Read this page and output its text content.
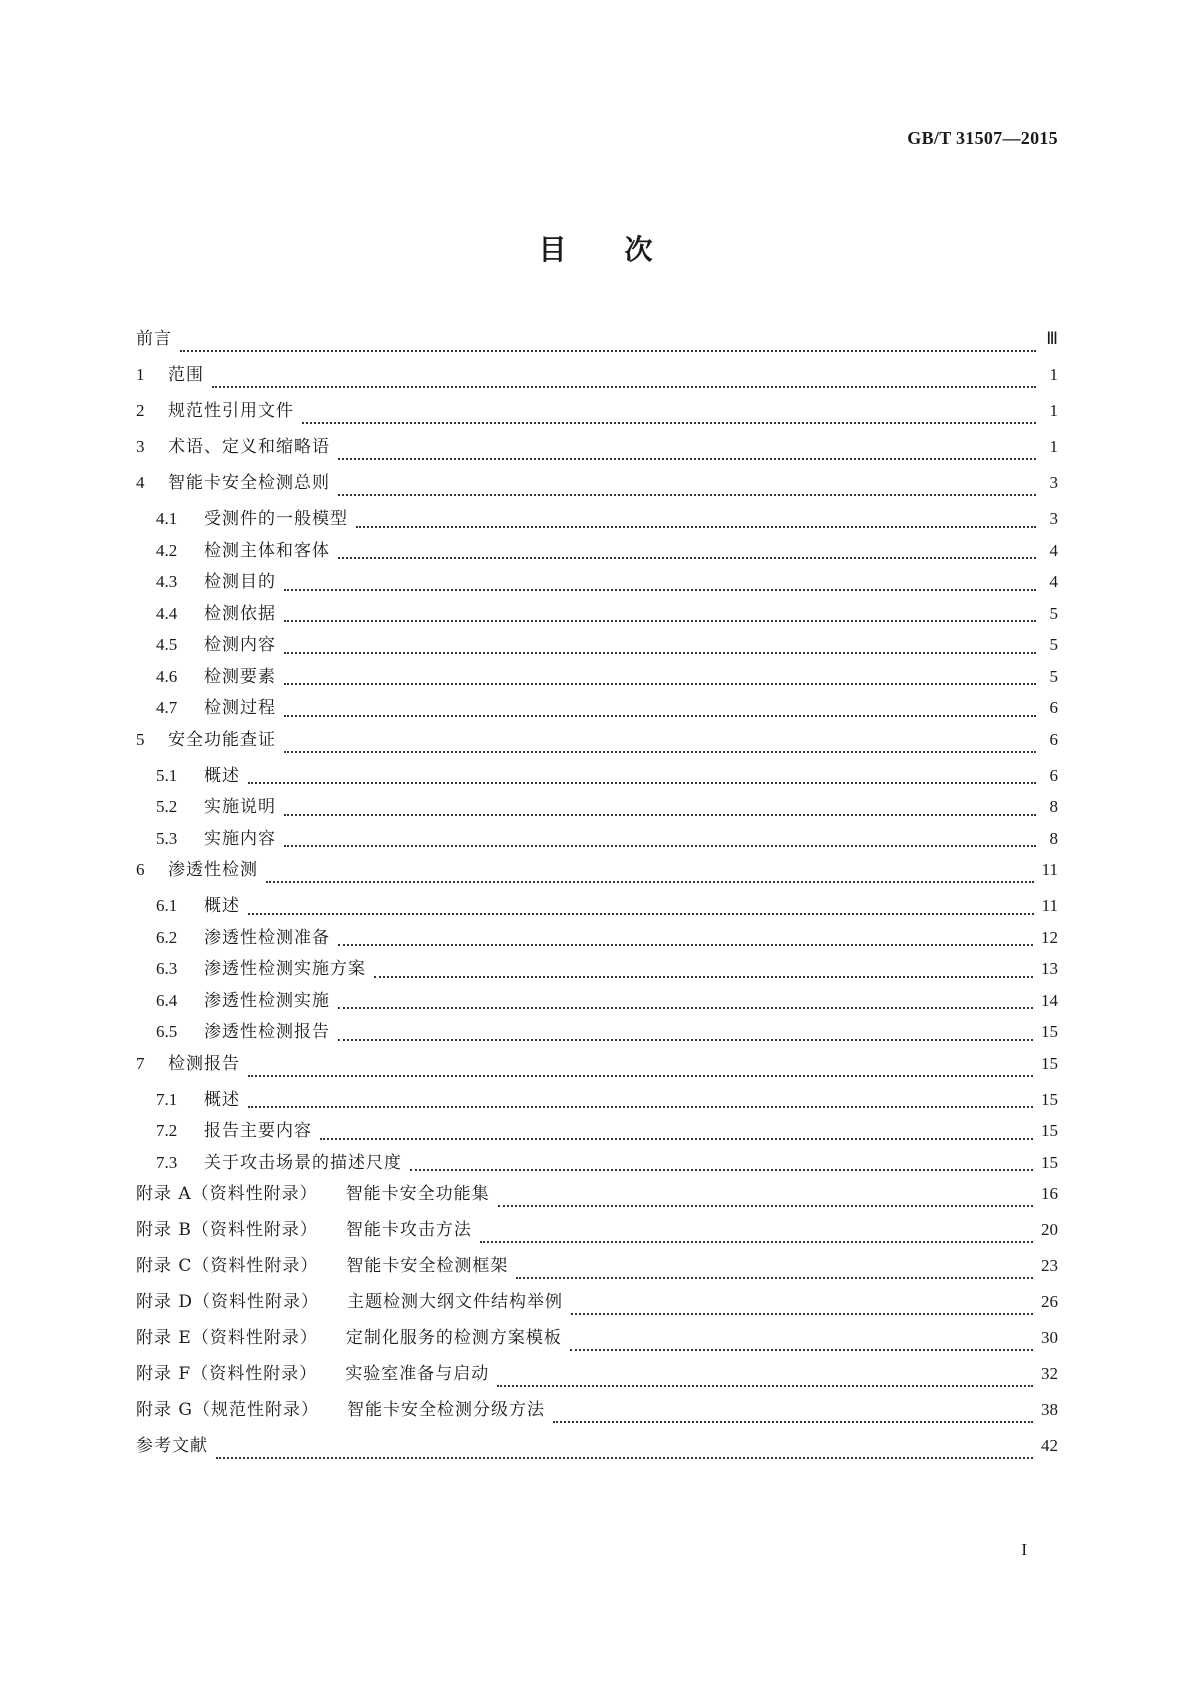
GB/T 31507—2015
目次
前言	Ⅲ
1	范围	1
2	规范性引用文件	1
3	术语、定义和缩略语	1
4	智能卡安全检测总则	3
4.1	受测件的一般模型	3
4.2	检测主体和客体	4
4.3	检测目的	4
4.4	检测依据	5
4.5	检测内容	5
4.6	检测要素	5
4.7	检测过程	6
5	安全功能查证	6
5.1	概述	6
5.2	实施说明	8
5.3	实施内容	8
6	渗透性检测	11
6.1	概述	11
6.2	渗透性检测准备	12
6.3	渗透性检测实施方案	13
6.4	渗透性检测实施	14
6.5	渗透性检测报告	15
7	检测报告	15
7.1	概述	15
7.2	报告主要内容	15
7.3	关于攻击场景的描述尺度	15
附录 A（资料性附录） 智能卡安全功能集	16
附录 B（资料性附录） 智能卡攻击方法	20
附录 C（资料性附录） 智能卡安全检测框架	23
附录 D（资料性附录） 主题检测大纲文件结构举例	26
附录 E（资料性附录） 定制化服务的检测方案模板	30
附录 F（资料性附录） 实验室准备与启动	32
附录 G（规范性附录） 智能卡安全检测分级方法	38
参考文献	42
I
